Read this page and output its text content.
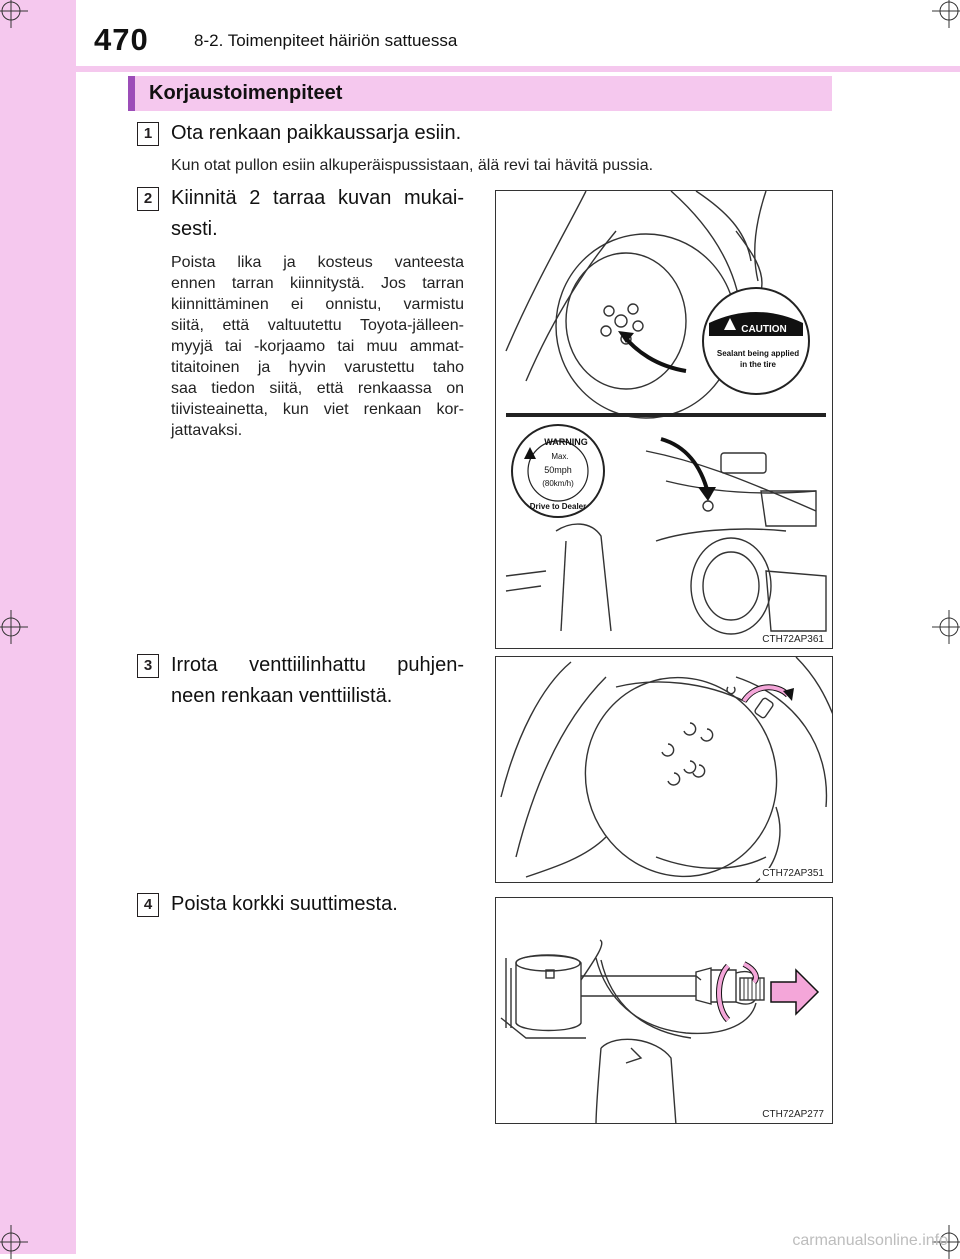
470	8-2. Toimenpiteet häiriön sattuessa
Korjaustoimenpiteet
1 Ota renkaan paikkaussarja esiin.
Kun otat pullon esiin alkuperäispussistaan, älä revi tai hävitä pussia.
2 Kiinnitä 2 tarraa kuvan mukai-
sesti.
Poista lika ja kosteus vanteesta
ennen tarran kiinnitystä. Jos tarran
kiinnittäminen ei onnistu, varmistu
siitä, että valtuutettu Toyota-jälleen-
myyjä tai -korjaamo tai muu ammat-
titaitoinen ja hyvin varustettu taho
saa tiedon siitä, että renkaassa on
tiivisteainetta, kun viet renkaan kor-
jattavaksi.
CAUTION
Sealant being applied
in the tire
WARNING
Max.
50mph
(80km/h)
Drive to Dealer
CTH72AP361
3 Irrota venttiilinhattu puhjen-
neen renkaan venttiilistä.
CTH72AP351
4 Poista korkki suuttimesta.
CTH72AP277
carmanualsonline.info
